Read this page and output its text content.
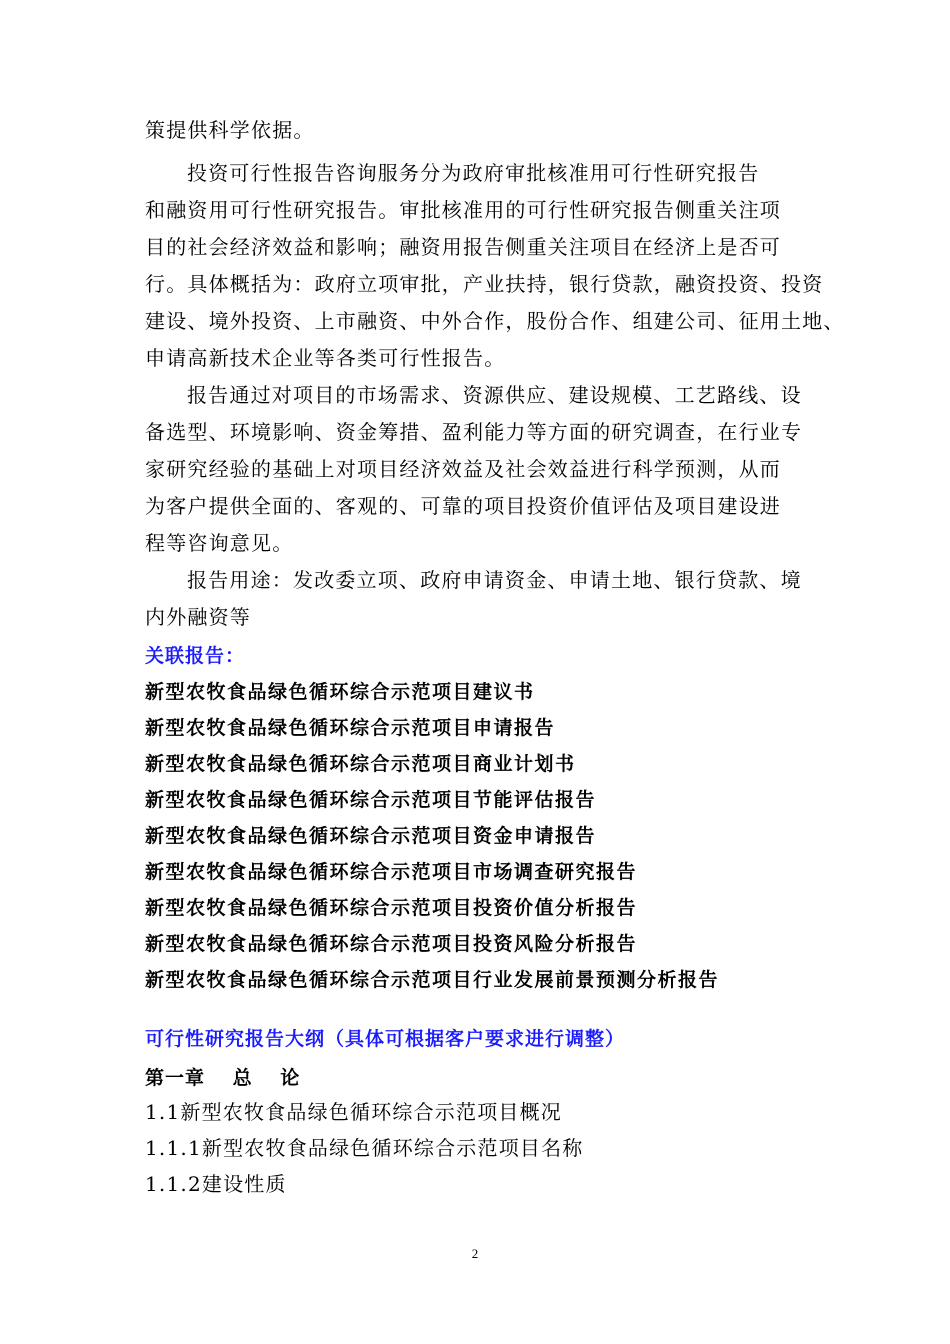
策提供科学依据。
投资可行性报告咨询服务分为政府审批核准用可行性研究报告
和融资用可行性研究报告。审批核准用的可行性研究报告侧重关注项
目的社会经济效益和影响；融资用报告侧重关注项目在经济上是否可
行。具体概括为：政府立项审批，产业扶持，银行贷款，融资投资、投资
建设、境外投资、上市融资、中外合作，股份合作、组建公司、征用土地、
申请高新技术企业等各类可行性报告。
报告通过对项目的市场需求、资源供应、建设规模、工艺路线、设
备选型、环境影响、资金筹措、盈利能力等方面的研究调查，在行业专
家研究经验的基础上对项目经济效益及社会效益进行科学预测，从而
为客户提供全面的、客观的、可靠的项目投资价值评估及项目建设进
程等咨询意见。
报告用途：发改委立项、政府申请资金、申请土地、银行贷款、境
内外融资等
关联报告：
新型农牧食品绿色循环综合示范项目建议书
新型农牧食品绿色循环综合示范项目申请报告
新型农牧食品绿色循环综合示范项目商业计划书
新型农牧食品绿色循环综合示范项目节能评估报告
新型农牧食品绿色循环综合示范项目资金申请报告
新型农牧食品绿色循环综合示范项目市场调查研究报告
新型农牧食品绿色循环综合示范项目投资价值分析报告
新型农牧食品绿色循环综合示范项目投资风险分析报告
新型农牧食品绿色循环综合示范项目行业发展前景预测分析报告
可行性研究报告大纲（具体可根据客户要求进行调整）
第一章　 总　 论
1.1新型农牧食品绿色循环综合示范项目概况
1.1.1新型农牧食品绿色循环综合示范项目名称
1.1.2建设性质
2
